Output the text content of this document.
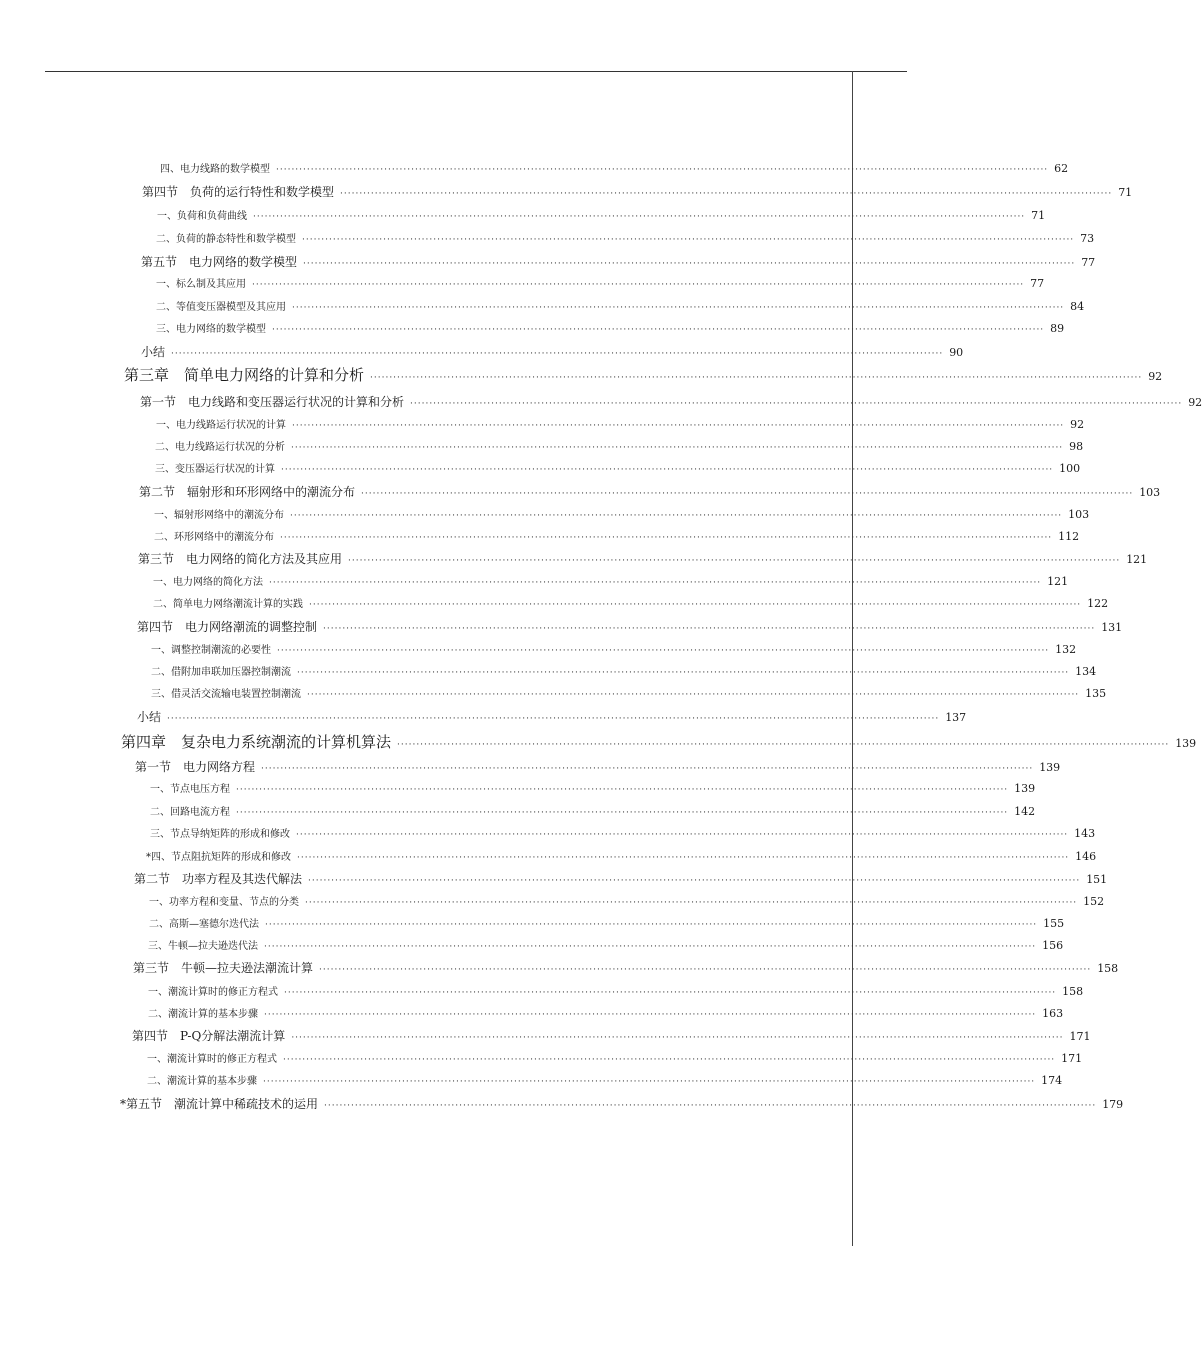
四、电力线路的数学模型 ········································································································································································································ 62
第四节　负荷的运行特性和数学模型 ········································································································································································································ 71
一、负荷和负荷曲线 ········································································································································································································ 71
二、负荷的静态特性和数学模型 ········································································································································································································ 73
第五节　电力网络的数学模型 ········································································································································································································ 77
一、标么制及其应用 ········································································································································································································ 77
二、等值变压器模型及其应用 ········································································································································································································ 84
三、电力网络的数学模型 ········································································································································································································ 89
小结 ········································································································································································································ 90
第三章　简单电力网络的计算和分析 ········································································································································································································ 92
第一节　电力线路和变压器运行状况的计算和分析 ········································································································································································································ 92
一、电力线路运行状况的计算 ········································································································································································································ 92
二、电力线路运行状况的分析 ········································································································································································································ 98
三、变压器运行状况的计算 ········································································································································································································ 100
第二节　辐射形和环形网络中的潮流分布 ········································································································································································································ 103
一、辐射形网络中的潮流分布 ········································································································································································································ 103
二、环形网络中的潮流分布 ········································································································································································································ 112
第三节　电力网络的简化方法及其应用 ········································································································································································································ 121
一、电力网络的简化方法 ········································································································································································································ 121
二、简单电力网络潮流计算的实践 ········································································································································································································ 122
第四节　电力网络潮流的调整控制 ········································································································································································································ 131
一、调整控制潮流的必要性 ········································································································································································································ 132
二、借附加串联加压器控制潮流 ········································································································································································································ 134
三、借灵活交流输电装置控制潮流 ········································································································································································································ 135
小结 ········································································································································································································ 137
第四章　复杂电力系统潮流的计算机算法 ········································································································································································································ 139
第一节　电力网络方程 ········································································································································································································ 139
一、节点电压方程 ········································································································································································································ 139
二、回路电流方程 ········································································································································································································ 142
三、节点导纳矩阵的形成和修改 ········································································································································································································ 143
*四、节点阻抗矩阵的形成和修改 ········································································································································································································ 146
第二节　功率方程及其迭代解法 ········································································································································································································ 151
一、功率方程和变量、节点的分类 ········································································································································································································ 152
二、高斯—塞德尔迭代法 ········································································································································································································ 155
三、牛顿—拉夫逊迭代法 ········································································································································································································ 156
第三节　牛顿—拉夫逊法潮流计算 ········································································································································································································ 158
一、潮流计算时的修正方程式 ········································································································································································································ 158
二、潮流计算的基本步骤 ········································································································································································································ 163
第四节　P-Q分解法潮流计算 ········································································································································································································ 171
一、潮流计算时的修正方程式 ········································································································································································································ 171
二、潮流计算的基本步骤 ········································································································································································································ 174
*第五节　潮流计算中稀疏技术的运用 ········································································································································································································ 179
